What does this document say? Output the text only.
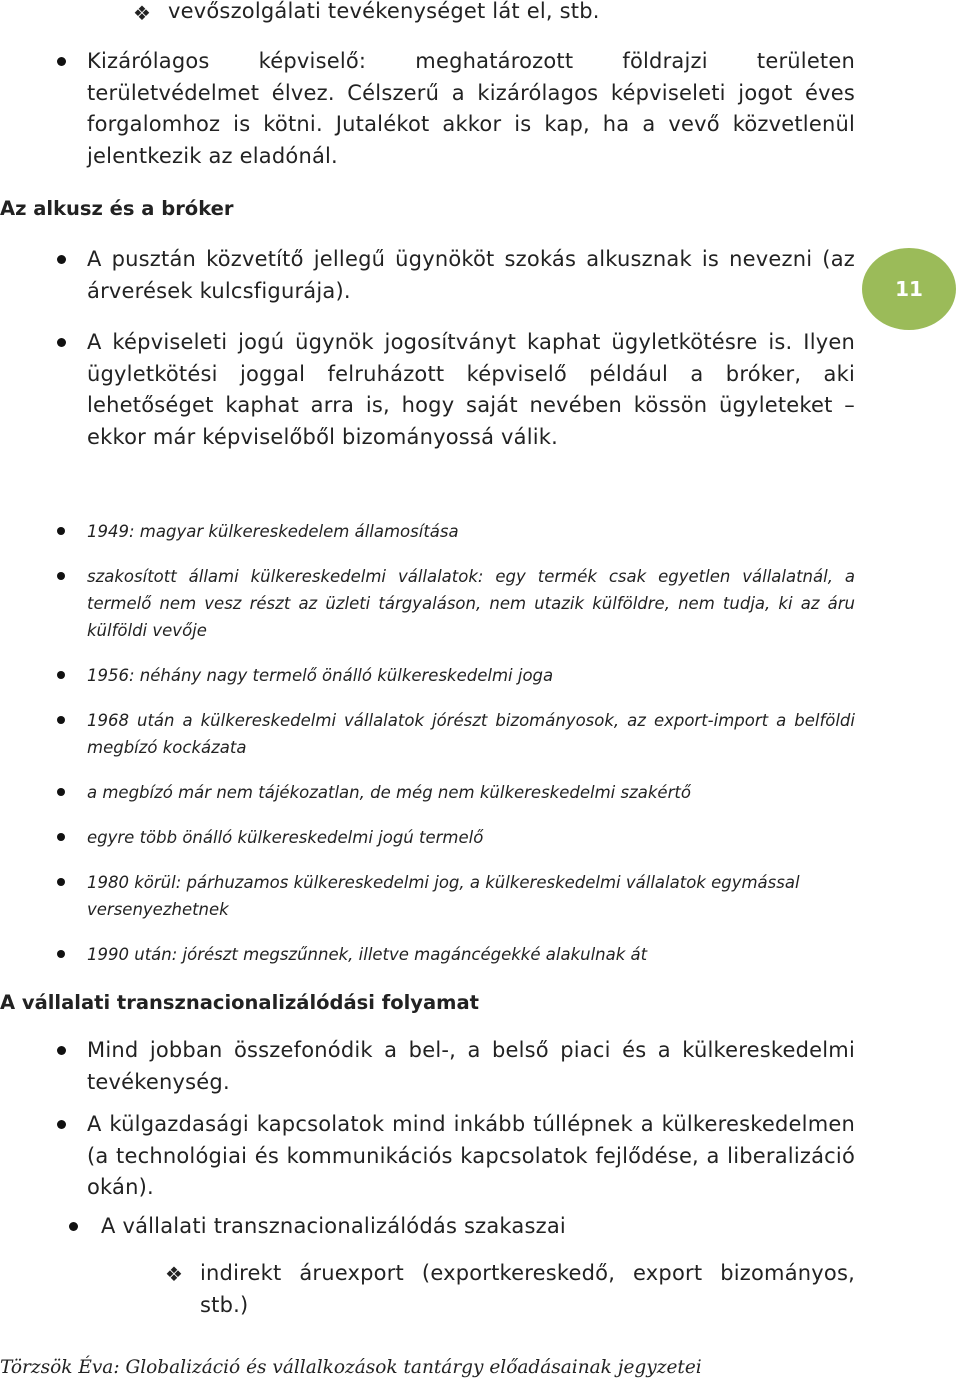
❖ vevőszolgálati tevékenységet lát el, stb.
Kizárólagos képviselő: meghatározott földrajzi területen területvédelmet élvez. Célszerű a kizárólagos képviseleti jogot éves forgalomhoz is kötni. Jutalékot akkor is kap, ha a vevő közvetlenül jelentkezik az eladónál.
Az alkusz és a bróker
A pusztán közvetítő jellegű ügynököt szokás alkusznak is nevezni (az árverések kulcsfigurája).
A képviseleti jogú ügynök jogosítványt kaphat ügyletkötésre is. Ilyen ügyletkötési joggal felruházott képviselő például a bróker, aki lehetőséget kaphat arra is, hogy saját nevében kössön ügyleteket – ekkor már képviselőből bizományossá válik.
11
1949: magyar külkereskedelem államosítása
szakosított állami külkereskedelmi vállalatok: egy termék csak egyetlen vállalatnál, a termelő nem vesz részt az üzleti tárgyaláson, nem utazik külföldre, nem tudja, ki az áru külföldi vevője
1956: néhány nagy termelő önálló külkereskedelmi joga
1968 után a külkereskedelmi vállalatok jórészt bizományosok, az export-import a belföldi megbízó kockázata
a megbízó már nem tájékozatlan, de még nem külkereskedelmi szakértő
egyre több önálló külkereskedelmi jogú termelő
1980 körül: párhuzamos külkereskedelmi jog, a külkereskedelmi vállalatok egymással versenyezhetnek
1990 után: jórészt megszűnnek, illetve magáncégekké alakulnak át
A vállalati transznacionalizálódási folyamat
Mind jobban összefonódik a bel-, a belső piaci és a külkereskedelmi tevékenység.
A külgazdasági kapcsolatok mind inkább túllépnek a külkereskedelmen (a technológiai és kommunikációs kapcsolatok fejlődése, a liberalizáció okán).
A vállalati transznacionalizálódás szakaszai
❖ indirekt áruexport (exportkereskedő, export bizományos, stb.)
Törzsök Éva: Globalizáció és vállalkozások tantárgy előadásainak jegyzetei
